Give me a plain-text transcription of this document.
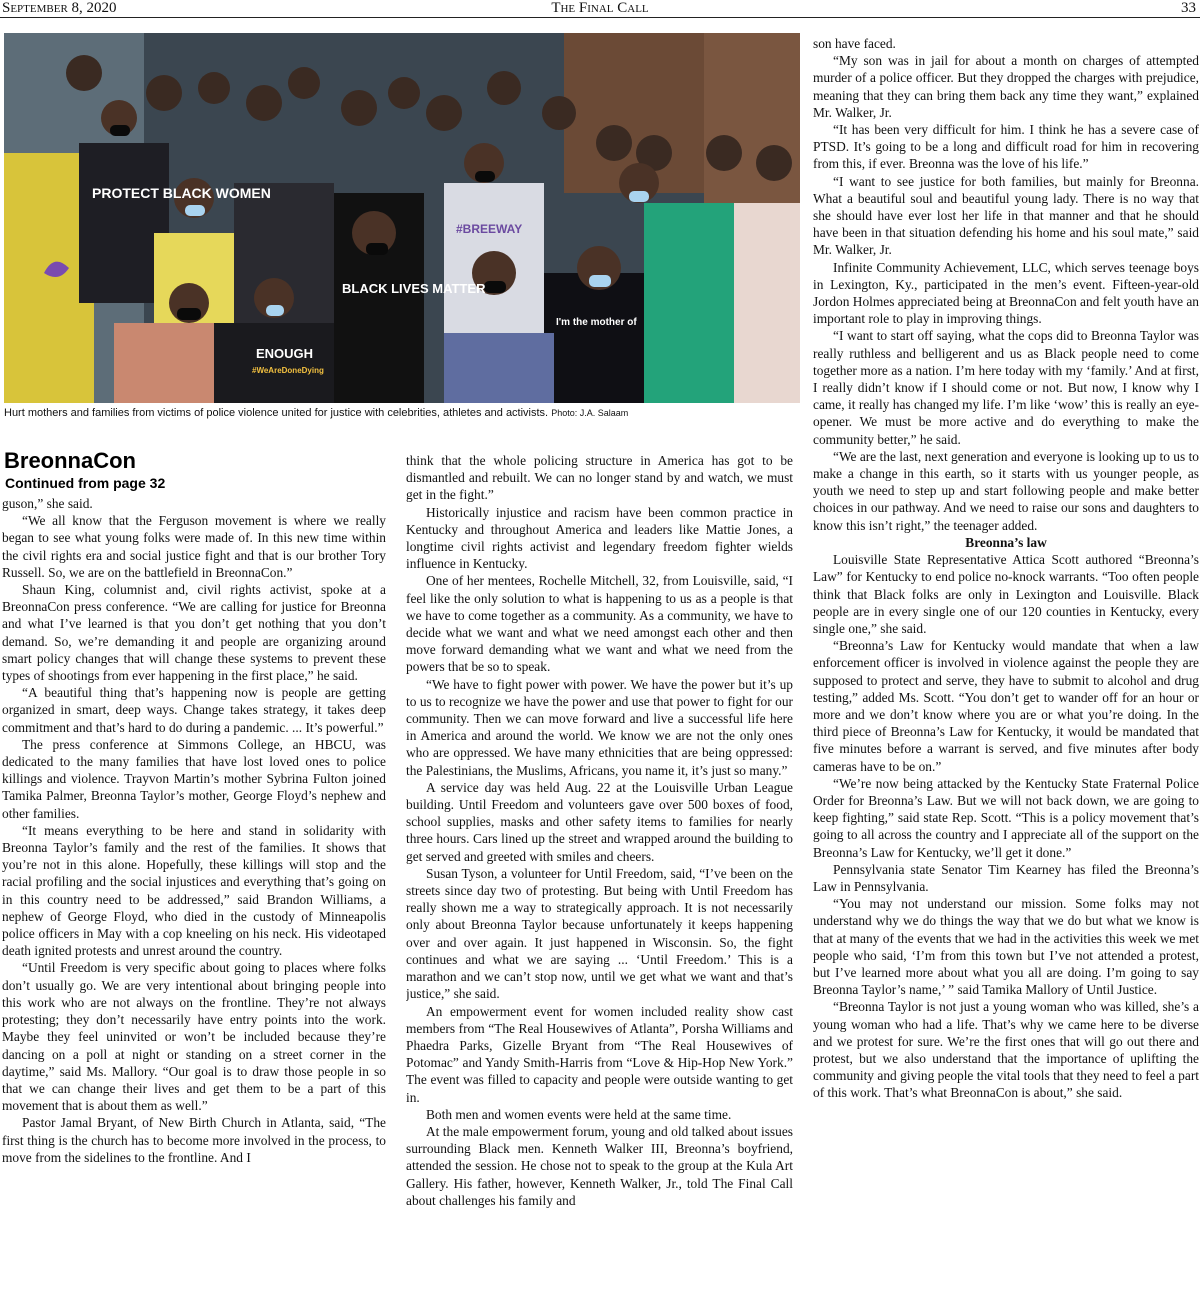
September 8, 2020	The Final Call	33
PROTECT BLACK WOMEN
#BREEWAY
BLACK LIVES MATTER
ENOUGH
#WeAreDoneDying
I'm the mother of
Hurt mothers and families from victims of police violence united for justice with celebrities, athletes and activists. Photo: J.A. Salaam
BreonnaCon
Continued from page 32

guson,” she said.

“We all know that the Ferguson movement is where we really began to see what young folks were made of. In this new time within the civil rights era and social justice fight and that is our brother Tory Russell. So, we are on the battlefield in BreonnaCon.”

Shaun King, columnist and, civil rights activist, spoke at a BreonnaCon press conference. “We are calling for justice for Breonna and what I’ve learned is that you don’t get nothing that you don’t demand. So, we’re demanding it and people are organizing around smart policy changes that will change these systems to prevent these types of shootings from ever happening in the first place,” he said.

“A beautiful thing that’s happening now is people are getting organized in smart, deep ways. Change takes strategy, it takes deep commitment and that’s hard to do during a pandemic. ... It’s powerful.”

The press conference at Simmons College, an HBCU, was dedicated to the many families that have lost loved ones to police killings and violence. Trayvon Martin’s mother Sybrina Fulton joined Tamika Palmer, Breonna Taylor’s mother, George Floyd’s nephew and other families.

“It means everything to be here and stand in solidarity with Breonna Taylor’s family and the rest of the families. It shows that you’re not in this alone. Hopefully, these killings will stop and the racial profiling and the social injustices and everything that’s going on in this country need to be addressed,” said Brandon Williams, a nephew of George Floyd, who died in the custody of Minneapolis police officers in May with a cop kneeling on his neck. His videotaped death ignited protests and unrest around the country.

“Until Freedom is very specific about going to places where folks don’t usually go. We are very intentional about bringing people into this work who are not always on the frontline. They’re not always protesting; they don’t necessarily have entry points into the work. Maybe they feel uninvited or won’t be included because they’re dancing on a poll at night or standing on a street corner in the daytime,” said Ms. Mallory. “Our goal is to draw those people in so that we can change their lives and get them to be a part of this movement that is about them as well.”

Pastor Jamal Bryant, of New Birth Church in Atlanta, said, “The first thing is the church has to become more involved in the process, to move from the sidelines to the frontline. And I

think that the whole policing structure in America has got to be dismantled and rebuilt. We can no longer stand by and watch, we must get in the fight.”

Historically injustice and racism have been common practice in Kentucky and throughout America and leaders like Mattie Jones, a longtime civil rights activist and legendary freedom fighter wields influence in Kentucky.

One of her mentees, Rochelle Mitchell, 32, from Louisville, said, “I feel like the only solution to what is happening to us as a people is that we have to come together as a community. As a community, we have to decide what we want and what we need amongst each other and then move forward demanding what we want and what we need from the powers that be so to speak.

“We have to fight power with power. We have the power but it’s up to us to recognize we have the power and use that power to fight for our community. Then we can move forward and live a successful life here in America and around the world. We know we are not the only ones who are oppressed. We have many ethnicities that are being oppressed: the Palestinians, the Muslims, Africans, you name it, it’s just so many.”

A service day was held Aug. 22 at the Louisville Urban League building. Until Freedom and volunteers gave over 500 boxes of food, school supplies, masks and other safety items to families for nearly three hours. Cars lined up the street and wrapped around the building to get served and greeted with smiles and cheers.

Susan Tyson, a volunteer for Until Freedom, said, “I’ve been on the streets since day two of protesting. But being with Until Freedom has really shown me a way to strategically approach. It is not necessarily only about Breonna Taylor because unfortunately it keeps happening over and over again. It just happened in Wisconsin. So, the fight continues and what we are saying ... ‘Until Freedom.’ This is a marathon and we can’t stop now, until we get what we want and that’s justice,” she said.

An empowerment event for women included reality show cast members from “The Real Housewives of Atlanta”, Porsha Williams and Phaedra Parks, Gizelle Bryant from “The Real Housewives of Potomac” and Yandy Smith-Harris from “Love & Hip-Hop New York.” The event was filled to capacity and people were outside wanting to get in.

Both men and women events were held at the same time.

At the male empowerment forum, young and old talked about issues surrounding Black men. Kenneth Walker III, Breonna’s boyfriend, attended the session. He chose not to speak to the group at the Kula Art Gallery. His father, however, Kenneth Walker, Jr., told The Final Call about challenges his family and

son have faced.

“My son was in jail for about a month on charges of attempted murder of a police officer. But they dropped the charges with prejudice, meaning that they can bring them back any time they want,” explained Mr. Walker, Jr.

“It has been very difficult for him. I think he has a severe case of PTSD. It’s going to be a long and difficult road for him in recovering from this, if ever. Breonna was the love of his life.”

“I want to see justice for both families, but mainly for Breonna. What a beautiful soul and beautiful young lady. There is no way that she should have ever lost her life in that manner and that he should have been in that situation defending his home and his soul mate,” said Mr. Walker, Jr.

Infinite Community Achievement, LLC, which serves teenage boys in Lexington, Ky., participated in the men’s event. Fifteen-year-old Jordon Holmes appreciated being at BreonnaCon and felt youth have an important role to play in improving things.

“I want to start off saying, what the cops did to Breonna Taylor was really ruthless and belligerent and us as Black people need to come together more as a nation. I’m here today with my ‘family.’ And at first, I really didn’t know if I should come or not. But now, I know why I came, it really has changed my life. I’m like ‘wow’ this is really an eye-opener. We must be more active and do everything to make the community better,” he said.

“We are the last, next generation and everyone is looking up to us to make a change in this earth, so it starts with us younger people, as youth we need to step up and start following people and make better choices in our pathway. And we need to raise our sons and daughters to know this isn’t right,” the teenager added.

Breonna’s law

Louisville State Representative Attica Scott authored “Breonna’s Law” for Kentucky to end police no-knock warrants. “Too often people think that Black folks are only in Lexington and Louisville. Black people are in every single one of our 120 counties in Kentucky, every single one,” she said.

“Breonna’s Law for Kentucky would mandate that when a law enforcement officer is involved in violence against the people they are supposed to protect and serve, they have to submit to alcohol and drug testing,” added Ms. Scott. “You don’t get to wander off for an hour or more and we don’t know where you are or what you’re doing. In the third piece of Breonna’s Law for Kentucky, it would be mandated that five minutes before a warrant is served, and five minutes after body cameras have to be on.”

“We’re now being attacked by the Kentucky State Fraternal Police Order for Breonna’s Law. But we will not back down, we are going to keep fighting,” said state Rep. Scott. “This is a policy movement that’s going to all across the country and I appreciate all of the support on the Breonna’s Law for Kentucky, we’ll get it done.”

Pennsylvania state Senator Tim Kearney has filed the Breonna’s Law in Pennsylvania.

“You may not understand our mission. Some folks may not understand why we do things the way that we do but what we know is that at many of the events that we had in the activities this week we met people who said, ‘I’m from this town but I’ve not attended a protest, but I’ve learned more about what you all are doing. I’m going to say Breonna Taylor’s name,’ ” said Tamika Mallory of Until Justice.

“Breonna Taylor is not just a young woman who was killed, she’s a young woman who had a life. That’s why we came here to be diverse and we protest for sure. We’re the first ones that will go out there and protest, but we also understand that the importance of uplifting the community and giving people the vital tools that they need to feel a part of this work. That’s what BreonnaCon is about,” she said.
